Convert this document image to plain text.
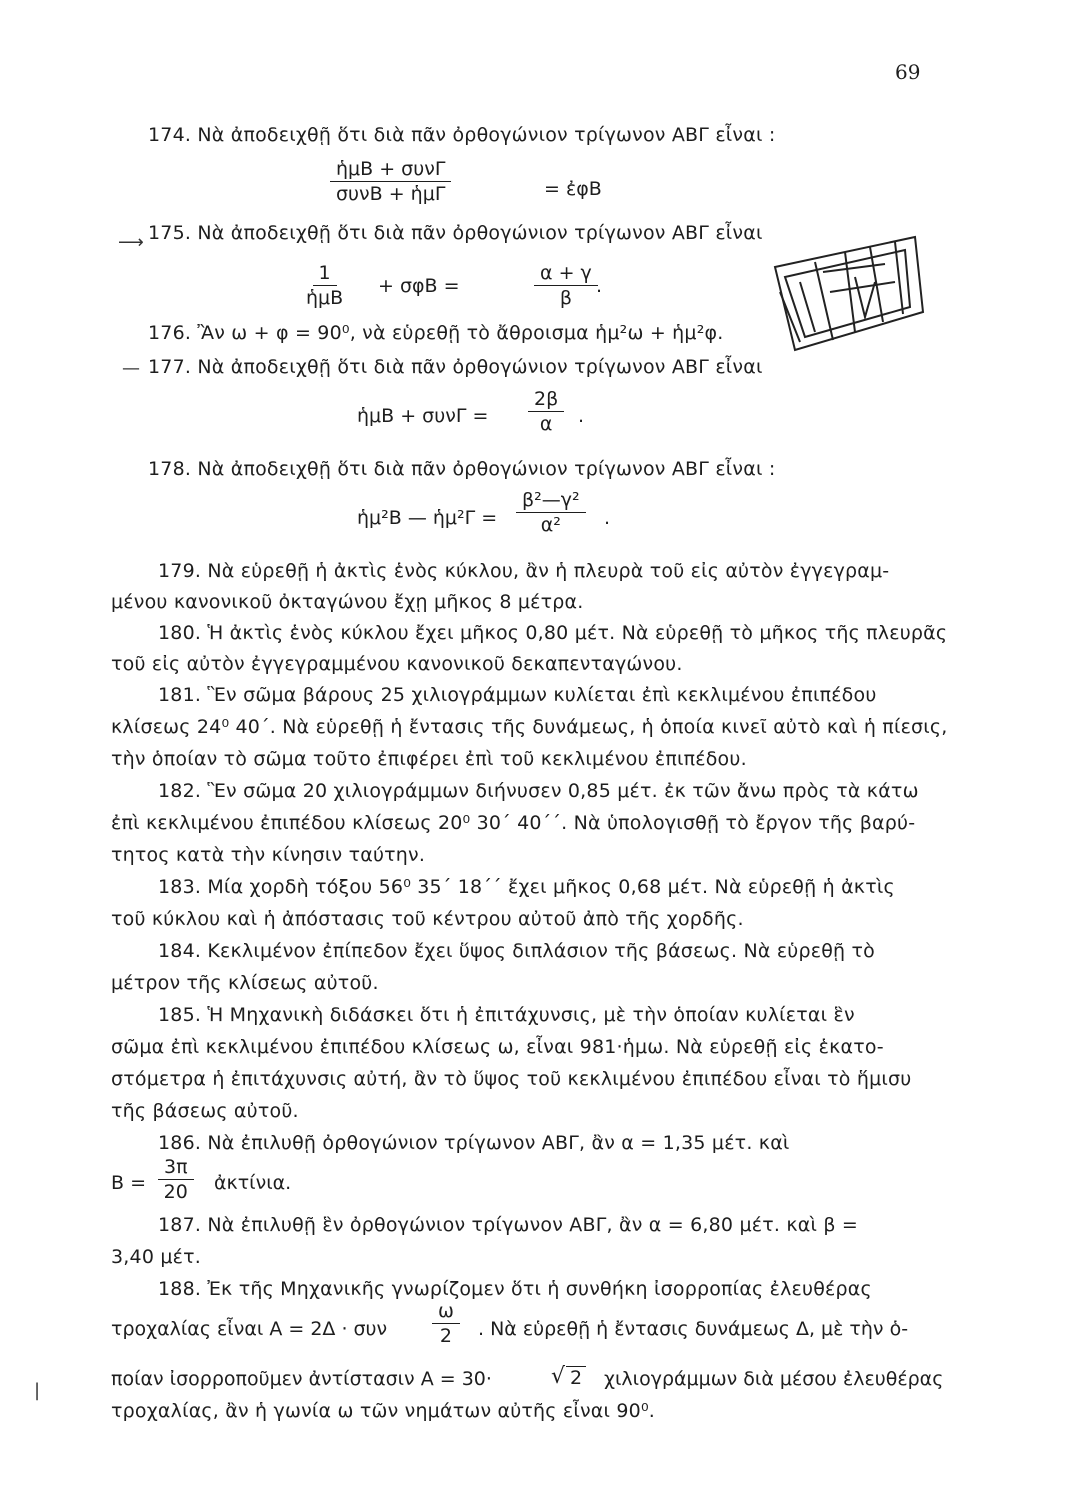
69
174. Νὰ ἀποδειχθῇ ὅτι διὰ πᾶν ὀρθογώνιον τρίγωνον ΑΒΓ εἶναι :
ἡμΒ + συνΓ
συνΒ + ἡμΓ	= ἐφΒ
⟶ 175. Νὰ ἀποδειχθῇ ὅτι διὰ πᾶν ὀρθογώνιον τρίγωνον ΑΒΓ εἶναι
1
ἡμΒ
+ σφΒ =	$\frac{\alpha + \gamma}{\beta}$
.
176. Ἂν ω + φ = 90⁰, νὰ εὑρεθῇ τὸ ἄθροισμα ἡμ²ω + ἡμ²φ.
— 177. Νὰ ἀποδειχθῇ ὅτι διὰ πᾶν ὀρθογώνιον τρίγωνον ΑΒΓ εἶναι
ἡμΒ + $\sigma\upsilon\nu\Gamma = \frac{2\beta}{\alpha}$ .
178. Νὰ ἀποδειχθῇ ὅτι διὰ πᾶν ὀρθογώνιον τρίγωνον ΑΒΓ εἶναι :
ἡμ²Β — ἡμ²Γ = $\frac{\text{β²—γ²}}{\text{α²}}$ .
179. Νὰ εὑρεθῇ ἡ ἀκτὶς ἑνὸς κύκλου, ἂν ἡ πλευρὰ τοῦ εἰς αὐτὸν ἐγγεγραμ-
μένου κανονικοῦ ὀκταγώνου ἔχῃ μῆκος 8 μέτρα.
180. Ἡ ἀκτὶς ἑνὸς κύκλου ἔχει μῆκος 0,80 μέτ. Νὰ εὑρεθῇ τὸ μῆκος τῆς πλευρᾶς
τοῦ εἰς αὐτὸν ἐγγεγραμμένου κανονικοῦ δεκαπενταγώνου.
181. Ἓν σῶμα βάρους 25 χιλιογράμμων κυλίεται ἐπὶ κεκλιμένου ἐπιπέδου
κλίσεως 24⁰ 40΄. Νὰ εὑρεθῇ ἡ ἔντασις τῆς δυνάμεως, ἡ ὁποία κινεῖ αὐτὸ καὶ ἡ πίεσις,
τὴν ὁποίαν τὸ σῶμα τοῦτο ἐπιφέρει ἐπὶ τοῦ κεκλιμένου ἐπιπέδου.
182. Ἓν σῶμα 20 χιλιογράμμων διήνυσεν 0,85 μέτ. ἐκ τῶν ἄνω πρὸς τὰ κάτω
ἐπὶ κεκλιμένου ἐπιπέδου κλίσεως 20⁰ 30΄ 40΄΄. Νὰ ὑπολογισθῇ τὸ ἔργον τῆς βαρύ-
τητος κατὰ τὴν κίνησιν ταύτην.
183. Μία χορδὴ τόξου 56⁰ 35΄ 18΄΄ ἔχει μῆκος 0,68 μέτ. Νὰ εὑρεθῇ ἡ ἀκτὶς
τοῦ κύκλου καὶ ἡ ἀπόστασις τοῦ κέντρου αὐτοῦ ἀπὸ τῆς χορδῆς.
184. Κεκλιμένον ἐπίπεδον ἔχει ὕψος διπλάσιον τῆς βάσεως. Νὰ εὑρεθῇ τὸ
μέτρον τῆς κλίσεως αὐτοῦ.
185. Ἡ Μηχανικὴ διδάσκει ὅτι ἡ ἐπιτάχυνσις, μὲ τὴν ὁποίαν κυλίεται ἓν
σῶμα ἐπὶ κεκλιμένου ἐπιπέδου κλίσεως ω, εἶναι 981·ἡμω. Νὰ εὑρεθῇ εἰς ἑκατο-
στόμετρα ἡ ἐπιτάχυνσις αὐτή, ἂν τὸ ὕψος τοῦ κεκλιμένου ἐπιπέδου εἶναι τὸ ἥμισυ
τῆς βάσεως αὐτοῦ.
186. Νὰ ἐπιλυθῇ ὀρθογώνιον τρίγωνον ΑΒΓ, ἂν α = 1,35 μέτ. καὶ
$B = \frac{3\pi}{20}$ ἀκτίνια.
187. Νὰ ἐπιλυθῇ ἓν ὀρθογώνιον τρίγωνον ΑΒΓ, ἂν α = 6,80 μέτ. καὶ β =
3,40 μέτ.
188. Ἐκ τῆς Μηχανικῆς γνωρίζομεν ὅτι ἡ συνθήκη ἰσορροπίας ἐλευθέρας
τροχαλίας εἶναι Α = 2Δ · συν $\frac{\omega}{2}$ . Νὰ εὑρεθῇ ἡ ἔντασις δυνάμεως Δ, μὲ τὴν ὁ-
ποίαν ἰσορροποῦμεν ἀντίστασιν Α = 30·	√ 2 χιλιογράμμων διὰ μέσου ἐλευθέρας
τροχαλίας, ἂν ἡ γωνία ω τῶν νημάτων αὐτῆς εἶναι 90⁰.
|
